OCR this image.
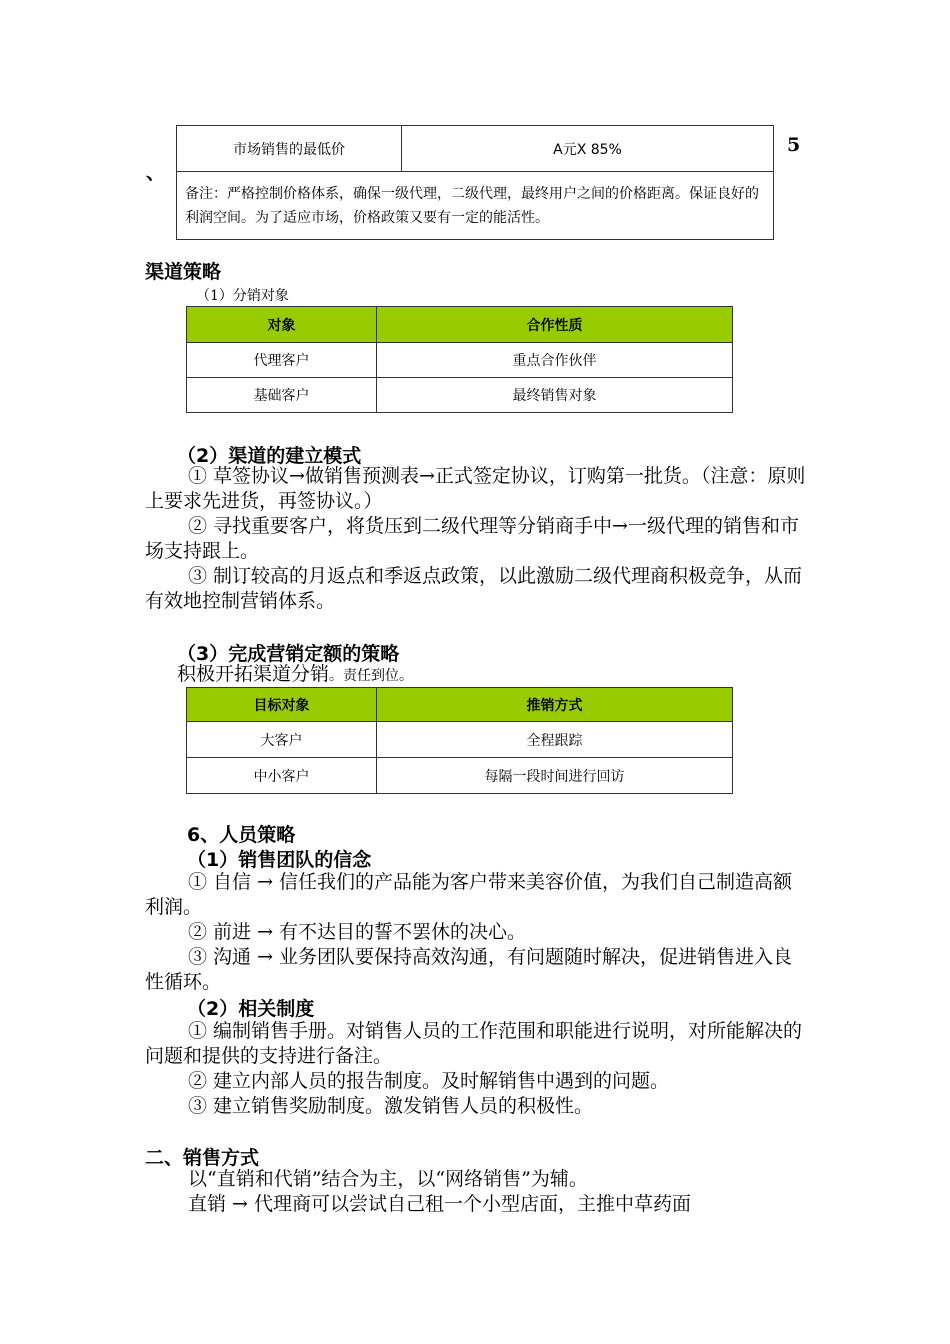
市场销售的最低价	A元X 85%
备注：严格控制价格体系，确保一级代理，二级代理，最终用户之间的价格距离。保证良好的利润空间。为了适应市场，价格政策又要有一定的能活性。
5
、
渠道策略
（1）分销对象
对象	合作性质
代理客户	重点合作伙伴
基础客户	最终销售对象
（2）渠道的建立模式
① 草签协议→做销售预测表→正式签定协议，订购第一批货。（注意：原则上要求先进货，再签协议。）
② 寻找重要客户，将货压到二级代理等分销商手中→一级代理的销售和市场支持跟上。
③ 制订较高的月返点和季返点政策，以此激励二级代理商积极竞争，从而有效地控制营销体系。
（3）完成营销定额的策略
积极开拓渠道分销。责任到位。
目标对象	推销方式
大客户	全程跟踪
中小客户	每隔一段时间进行回访
6、人员策略
（1）销售团队的信念
① 自信 → 信任我们的产品能为客户带来美容价值，为我们自己制造高额利润。
② 前进 → 有不达目的誓不罢休的决心。
③ 沟通 → 业务团队要保持高效沟通，有问题随时解决，促进销售进入良性循环。
（2）相关制度
① 编制销售手册。对销售人员的工作范围和职能进行说明，对所能解决的问题和提供的支持进行备注。
② 建立内部人员的报告制度。及时解销售中遇到的问题。
③ 建立销售奖励制度。激发销售人员的积极性。
二、销售方式
以“直销和代销”结合为主，以“网络销售”为辅。
直销 → 代理商可以尝试自己租一个小型店面，主推中草药面
